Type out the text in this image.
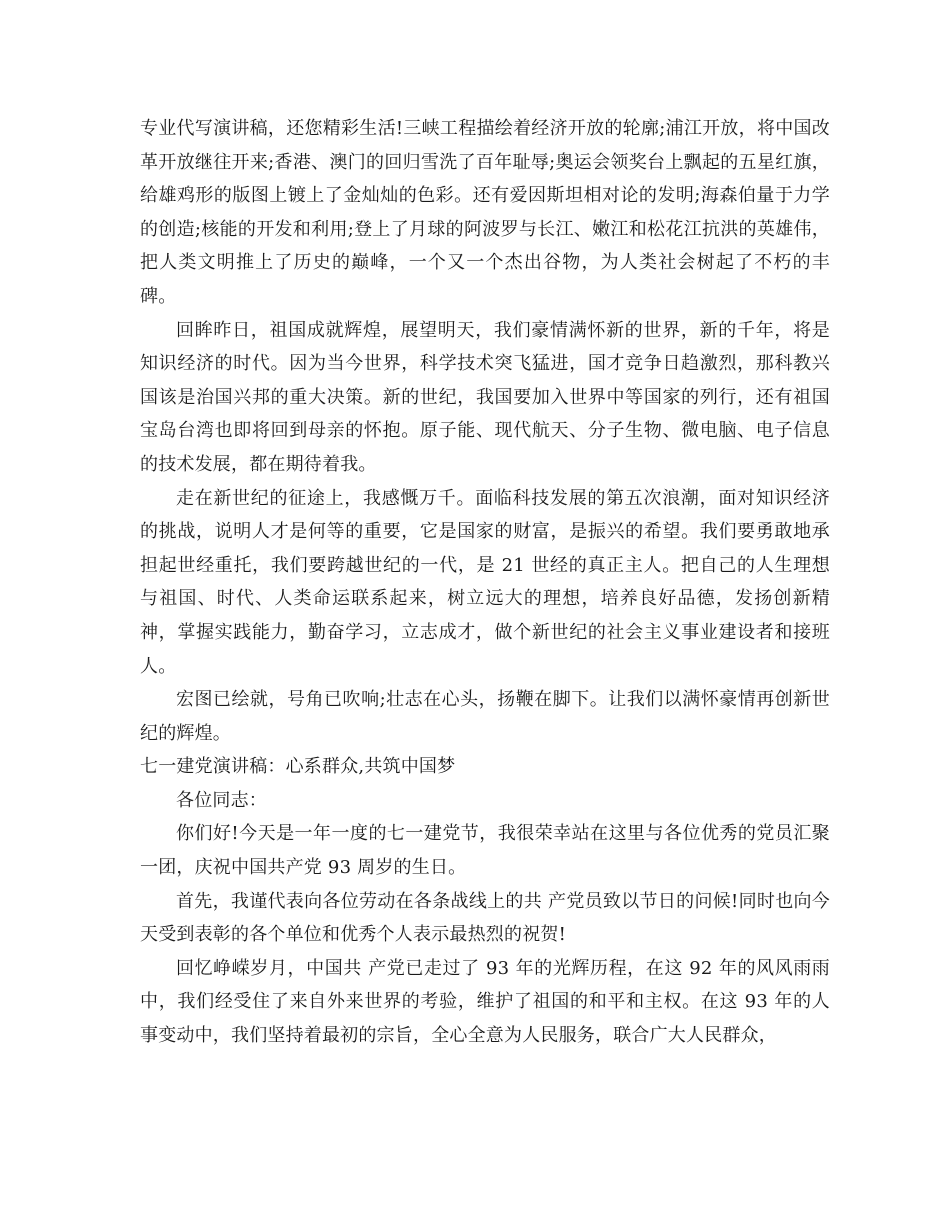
专业代写演讲稿，还您精彩生活!三峡工程描绘着经济开放的轮廓;浦江开放，将中国改革开放继往开来;香港、澳门的回归雪洗了百年耻辱;奥运会领奖台上飘起的五星红旗，给雄鸡形的版图上镀上了金灿灿的色彩。还有爱因斯坦相对论的发明;海森伯量于力学的创造;核能的开发和利用;登上了月球的阿波罗与长江、嫩江和松花江抗洪的英雄伟，把人类文明推上了历史的巅峰，一个又一个杰出谷物，为人类社会树起了不朽的丰碑。

回眸昨日，祖国成就辉煌，展望明天，我们豪情满怀新的世界，新的千年，将是知识经济的时代。因为当今世界，科学技术突飞猛进，国才竞争日趋激烈，那科教兴国该是治国兴邦的重大决策。新的世纪，我国要加入世界中等国家的列行，还有祖国宝岛台湾也即将回到母亲的怀抱。原子能、现代航天、分子生物、微电脑、电子信息的技术发展，都在期待着我。

走在新世纪的征途上，我感慨万千。面临科技发展的第五次浪潮，面对知识经济的挑战，说明人才是何等的重要，它是国家的财富，是振兴的希望。我们要勇敢地承担起世经重托，我们要跨越世纪的一代，是 21 世经的真正主人。把自己的人生理想与祖国、时代、人类命运联系起来，树立远大的理想，培养良好品德，发扬创新精神，掌握实践能力，勤奋学习，立志成才，做个新世纪的社会主义事业建设者和接班人。

宏图已绘就，号角已吹响;壮志在心头，扬鞭在脚下。让我们以满怀豪情再创新世纪的辉煌。

七一建党演讲稿：心系群众,共筑中国梦

各位同志：

你们好!今天是一年一度的七一建党节，我很荣幸站在这里与各位优秀的党员汇聚一团，庆祝中国共产党 93 周岁的生日。

首先，我谨代表向各位劳动在各条战线上的共 产党员致以节日的问候!同时也向今天受到表彰的各个单位和优秀个人表示最热烈的祝贺!

回忆峥嵘岁月，中国共 产党已走过了 93 年的光辉历程，在这 92 年的风风雨雨中，我们经受住了来自外来世界的考验，维护了祖国的和平和主权。在这 93 年的人事变动中，我们坚持着最初的宗旨，全心全意为人民服务，联合广大人民群众，
